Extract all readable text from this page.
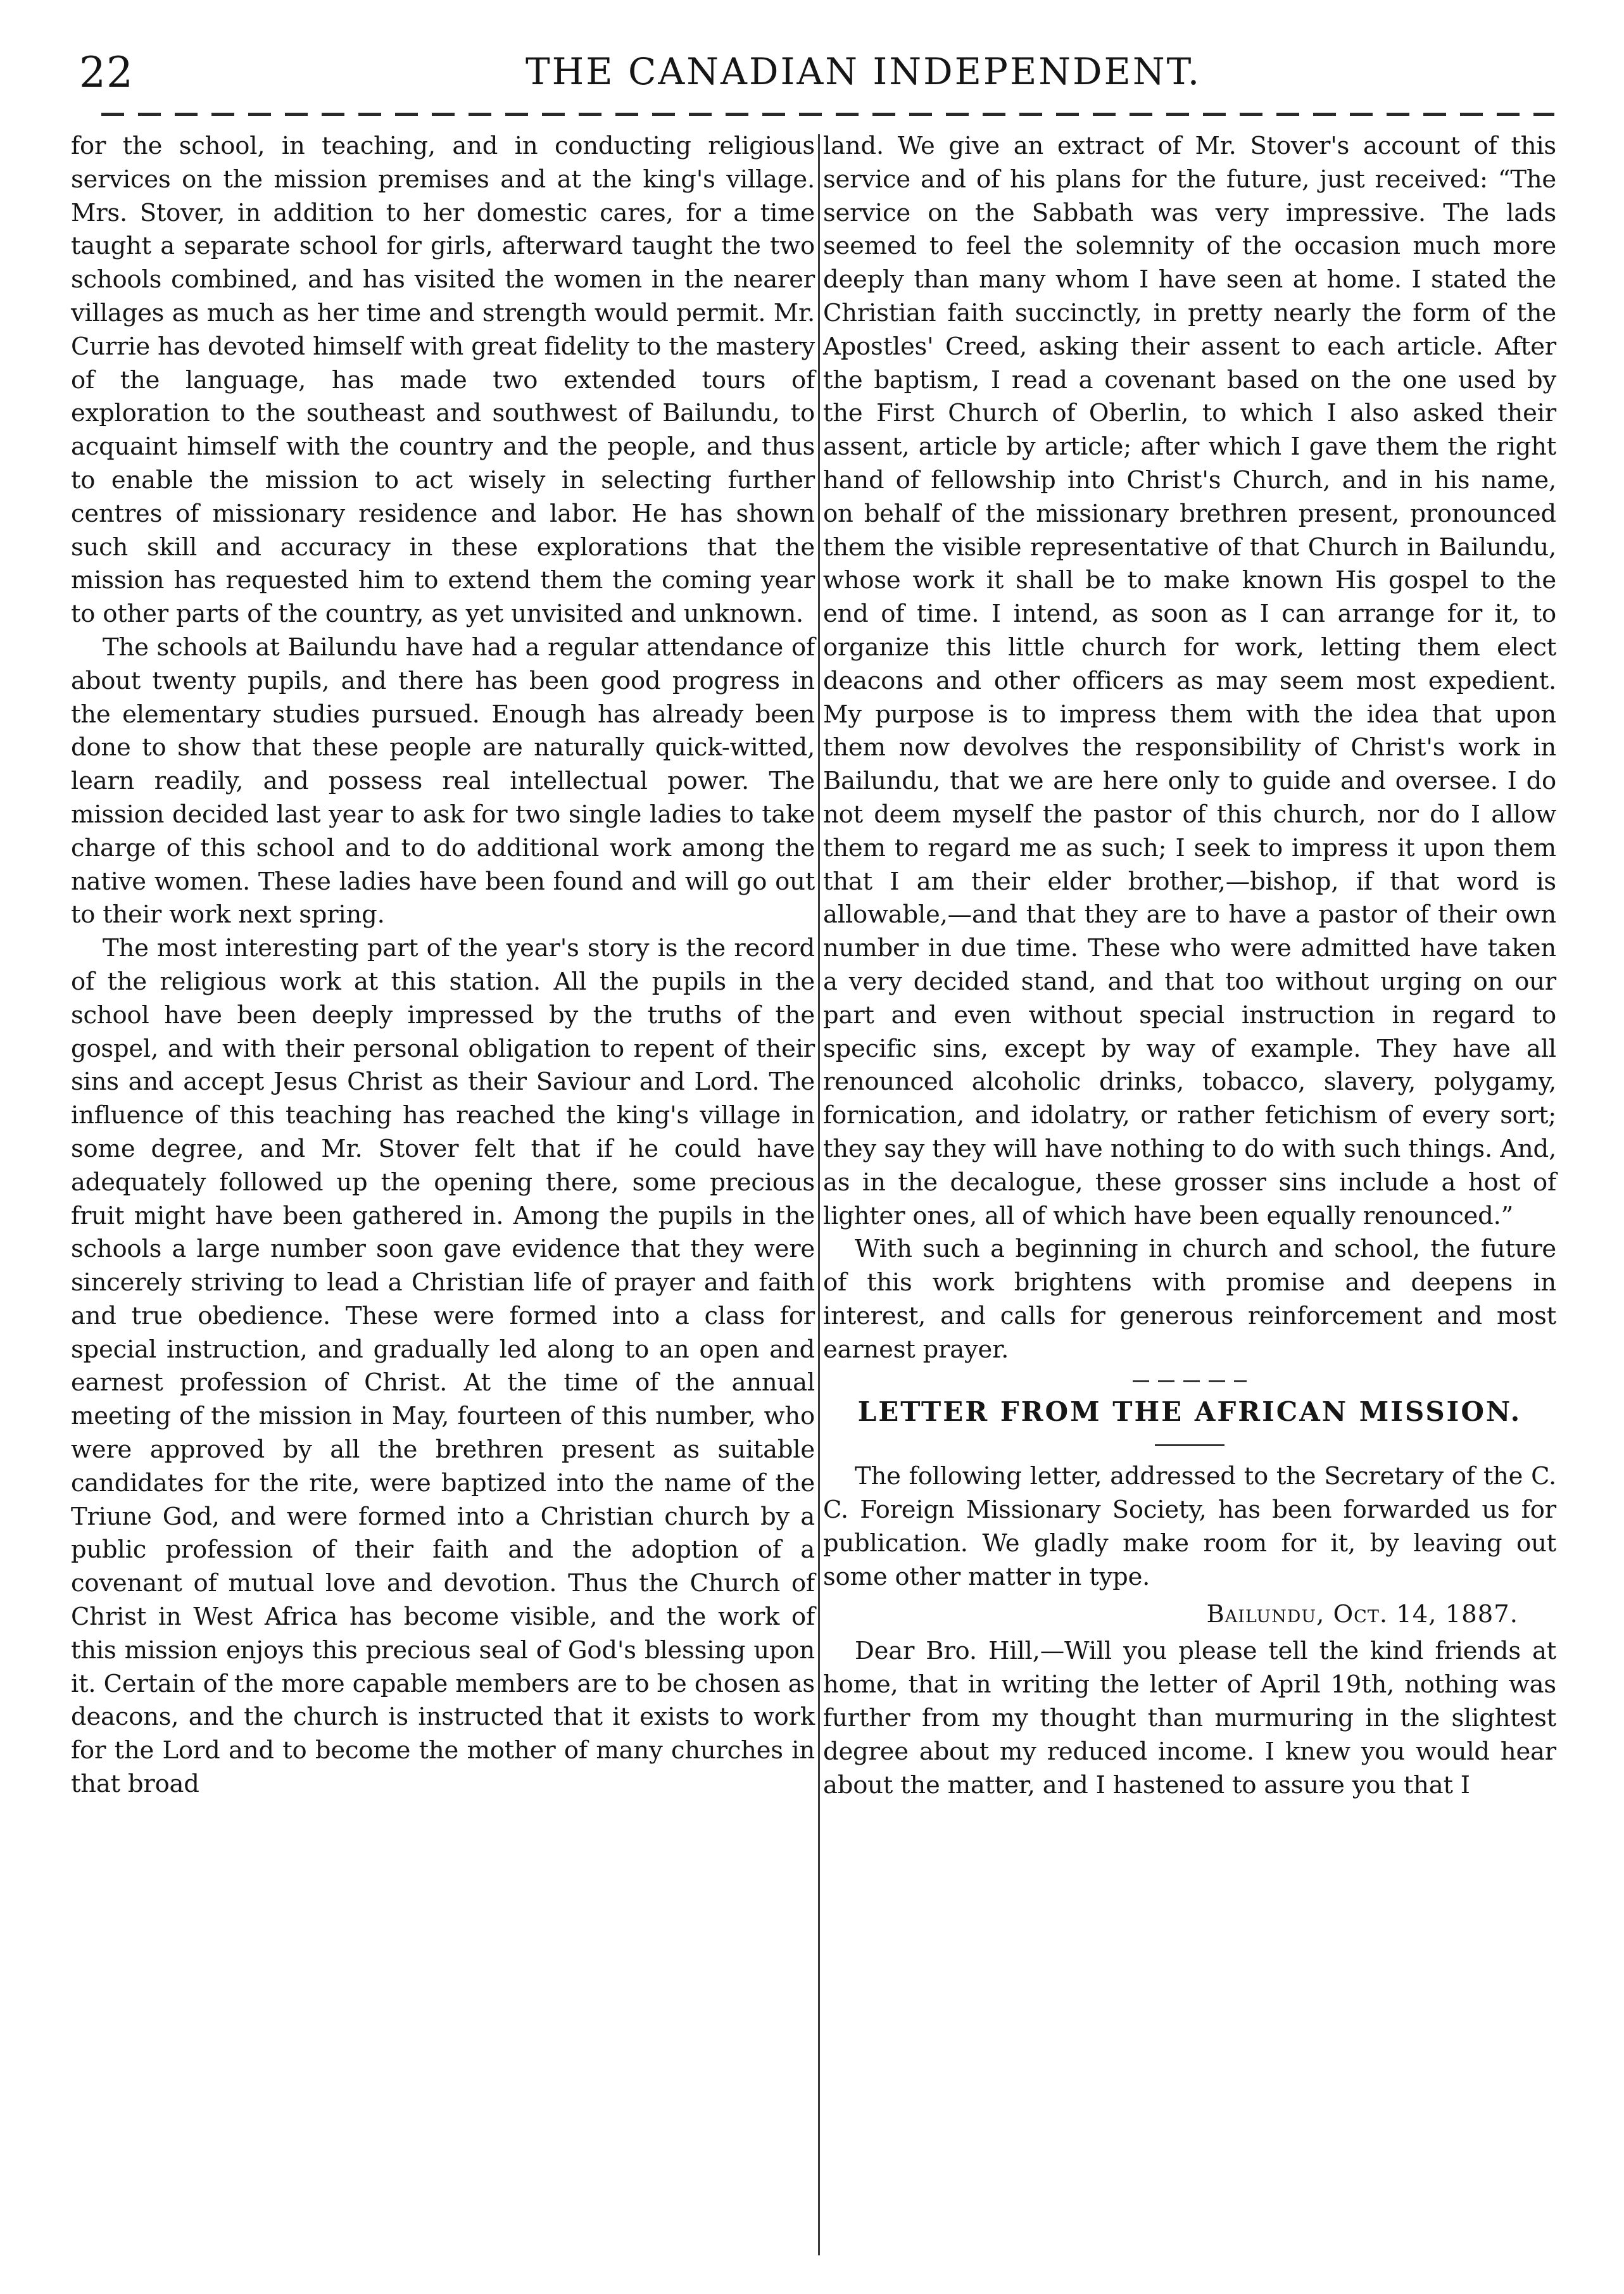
22	THE CANADIAN INDEPENDENT.

for the school, in teaching, and in conducting religious services on the mission premises and at the king's village. Mrs. Stover, in addition to her domestic cares, for a time taught a separate school for girls, afterward taught the two schools combined, and has visited the women in the nearer villages as much as her time and strength would permit. Mr. Currie has devoted himself with great fidelity to the mastery of the language, has made two extended tours of exploration to the southeast and southwest of Bailundu, to acquaint himself with the country and the people, and thus to enable the mission to act wisely in selecting further centres of missionary residence and labor. He has shown such skill and accuracy in these explorations that the mission has requested him to extend them the coming year to other parts of the country, as yet unvisited and unknown.

The schools at Bailundu have had a regular attendance of about twenty pupils, and there has been good progress in the elementary studies pursued. Enough has already been done to show that these people are naturally quick-witted, learn readily, and possess real intellectual power. The mission decided last year to ask for two single ladies to take charge of this school and to do additional work among the native women. These ladies have been found and will go out to their work next spring.

The most interesting part of the year's story is the record of the religious work at this station. All the pupils in the school have been deeply impressed by the truths of the gospel, and with their personal obligation to repent of their sins and accept Jesus Christ as their Saviour and Lord. The influence of this teaching has reached the king's village in some degree, and Mr. Stover felt that if he could have adequately followed up the opening there, some precious fruit might have been gathered in. Among the pupils in the schools a large number soon gave evidence that they were sincerely striving to lead a Christian life of prayer and faith and true obedience. These were formed into a class for special instruction, and gradually led along to an open and earnest profession of Christ. At the time of the annual meeting of the mission in May, fourteen of this number, who were approved by all the brethren present as suitable candidates for the rite, were baptized into the name of the Triune God, and were formed into a Christian church by a public profession of their faith and the adoption of a covenant of mutual love and devotion. Thus the Church of Christ in West Africa has become visible, and the work of this mission enjoys this precious seal of God's blessing upon it. Certain of the more capable members are to be chosen as deacons, and the church is instructed that it exists to work for the Lord and to become the mother of many churches in that broad

land. We give an extract of Mr. Stover's account of this service and of his plans for the future, just received: “The service on the Sabbath was very impressive. The lads seemed to feel the solemnity of the occasion much more deeply than many whom I have seen at home. I stated the Christian faith succinctly, in pretty nearly the form of the Apostles' Creed, asking their assent to each article. After the baptism, I read a covenant based on the one used by the First Church of Oberlin, to which I also asked their assent, article by article; after which I gave them the right hand of fellowship into Christ's Church, and in his name, on behalf of the missionary brethren present, pronounced them the visible representative of that Church in Bailundu, whose work it shall be to make known His gospel to the end of time. I intend, as soon as I can arrange for it, to organize this little church for work, letting them elect deacons and other officers as may seem most expedient. My purpose is to impress them with the idea that upon them now devolves the responsibility of Christ's work in Bailundu, that we are here only to guide and oversee. I do not deem myself the pastor of this church, nor do I allow them to regard me as such; I seek to impress it upon them that I am their elder brother,—bishop, if that word is allowable,—and that they are to have a pastor of their own number in due time. These who were admitted have taken a very decided stand, and that too without urging on our part and even without special instruction in regard to specific sins, except by way of example. They have all renounced alcoholic drinks, tobacco, slavery, polygamy, fornication, and idolatry, or rather fetichism of every sort; they say they will have nothing to do with such things. And, as in the decalogue, these grosser sins include a host of lighter ones, all of which have been equally renounced.”

With such a beginning in church and school, the future of this work brightens with promise and deepens in interest, and calls for generous reinforcement and most earnest prayer.

LETTER FROM THE AFRICAN MISSION.

The following letter, addressed to the Secretary of the C. C. Foreign Missionary Society, has been forwarded us for publication. We gladly make room for it, by leaving out some other matter in type.

Bailundu, Oct. 14, 1887.

Dear Bro. Hill,—Will you please tell the kind friends at home, that in writing the letter of April 19th, nothing was further from my thought than murmuring in the slightest degree about my reduced income. I knew you would hear about the matter, and I hastened to assure you that I
